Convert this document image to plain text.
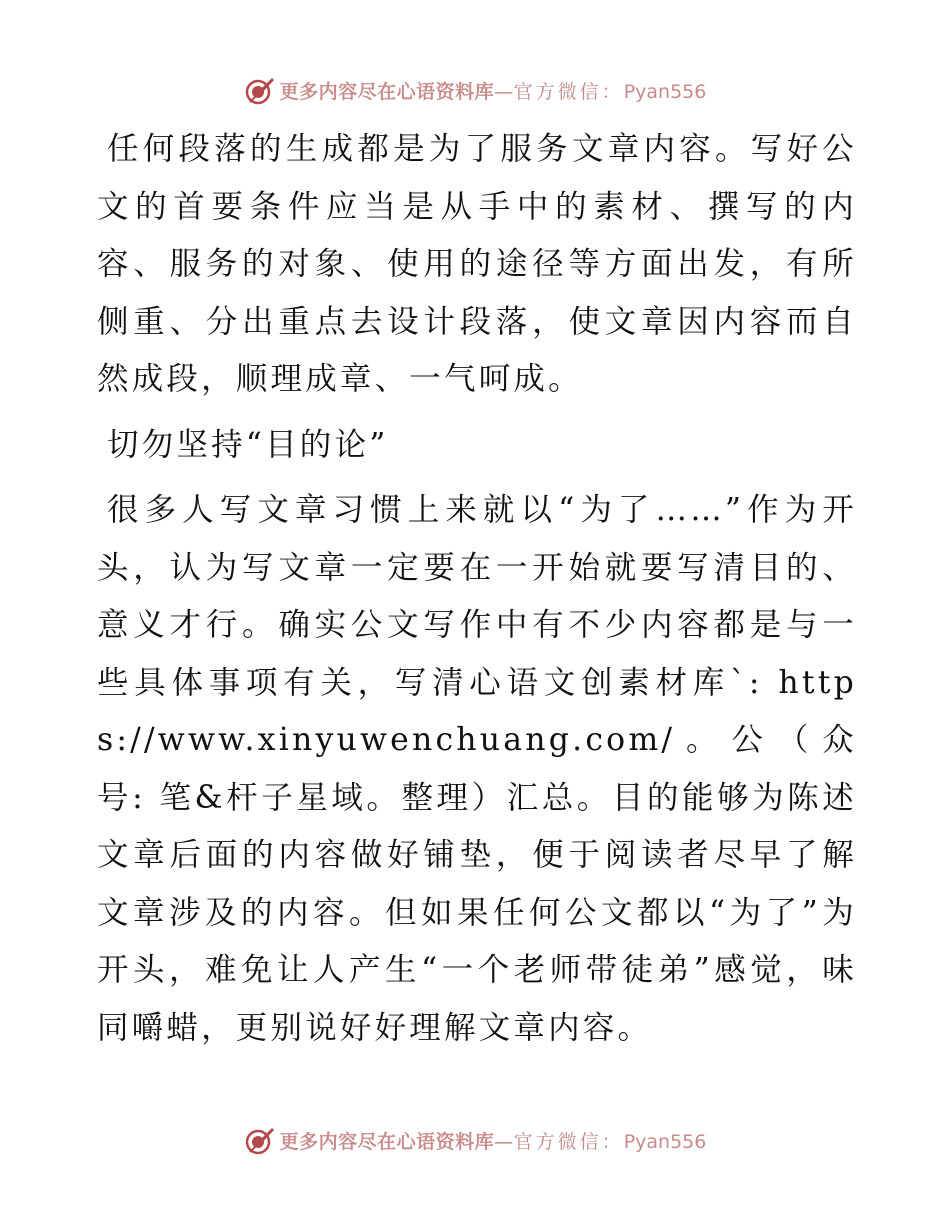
更多内容尽在心语资料库—官方微信：Pyan556

任何段落的生成都是为了服务文章内容。写好公文的首要条件应当是从手中的素材、撰写的内容、服务的对象、使用的途径等方面出发，有所侧重、分出重点去设计段落，使文章因内容而自然成段，顺理成章、一气呵成。

切勿坚持“目的论”

很多人写文章习惯上来就以“为了……”作为开头，认为写文章一定要在一开始就要写清目的、意义才行。确实公文写作中有不少内容都是与一些具体事项有关，写清心语文创素材库`: https://www.xinyuwenchuang.com/。公（众号: 笔&杆子星域。整理）汇总。目的能够为陈述文章后面的内容做好铺垫，便于阅读者尽早了解文章涉及的内容。但如果任何公文都以“为了”为开头，难免让人产生“一个老师带徒弟”感觉，味同嚼蜡，更别说好好理解文章内容。

更多内容尽在心语资料库—官方微信：Pyan556
